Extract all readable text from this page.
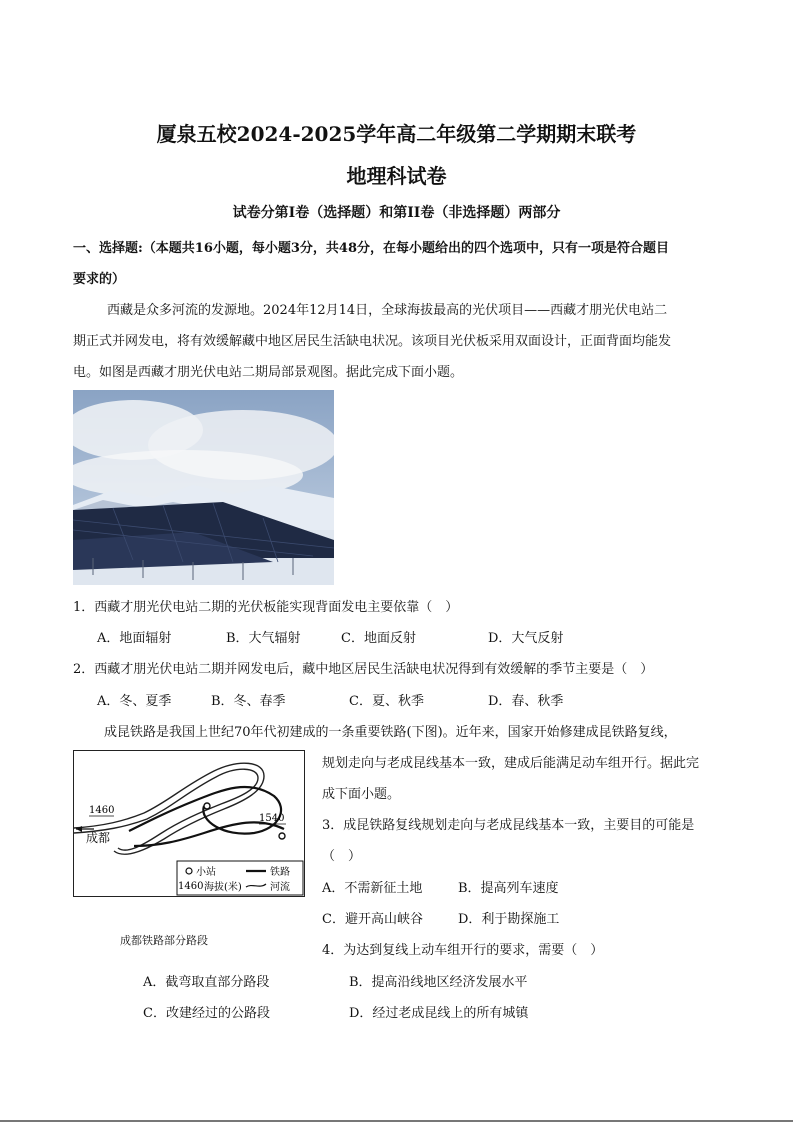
厦泉五校2024-2025学年高二年级第二学期期末联考
地理科试卷
试卷分第Ⅰ卷（选择题）和第ⅠI卷（非选择题）两部分
一、选择题:（本题共16小题，每小题3分，共48分，在每小题给出的四个选项中，只有一项是符合题目
要求的）
西藏是众多河流的发源地。2024年12月14日，全球海拔最高的光伏项目——西藏才朋光伏电站二
期正式并网发电，将有效缓解藏中地区居民生活缺电状况。该项目光伏板采用双面设计，正面背面均能发
电。如图是西藏才朋光伏电站二期局部景观图。据此完成下面小题。
1．西藏才朋光伏电站二期的光伏板能实现背面发电主要依靠（　）
A．地面辐射	B．大气辐射	C．地面反射	D．大气反射
2．西藏才朋光伏电站二期并网发电后，藏中地区居民生活缺电状况得到有效缓解的季节主要是（　）
A．冬、夏季	B．冬、春季	C．夏、秋季	D．春、秋季
成昆铁路是我国上世纪70年代初建成的一条重要铁路(下图)。近年来，国家开始修建成昆铁路复线，
规划走向与老成昆线基本一致，建成后能满足动车组开行。据此完
成下面小题。
1460
成都
1540
小站	铁路
1460 海拔(米)	河流
成都铁路部分路段
3．成昆铁路复线规划走向与老成昆线基本一致，主要目的可能是
（　）
A．不需新征土地	B．提高列车速度
C．避开高山峡谷	D．利于勘探施工
4．为达到复线上动车组开行的要求，需要（　）
A．截弯取直部分路段	B．提高沿线地区经济发展水平
C．改建经过的公路段	D．经过老成昆线上的所有城镇
